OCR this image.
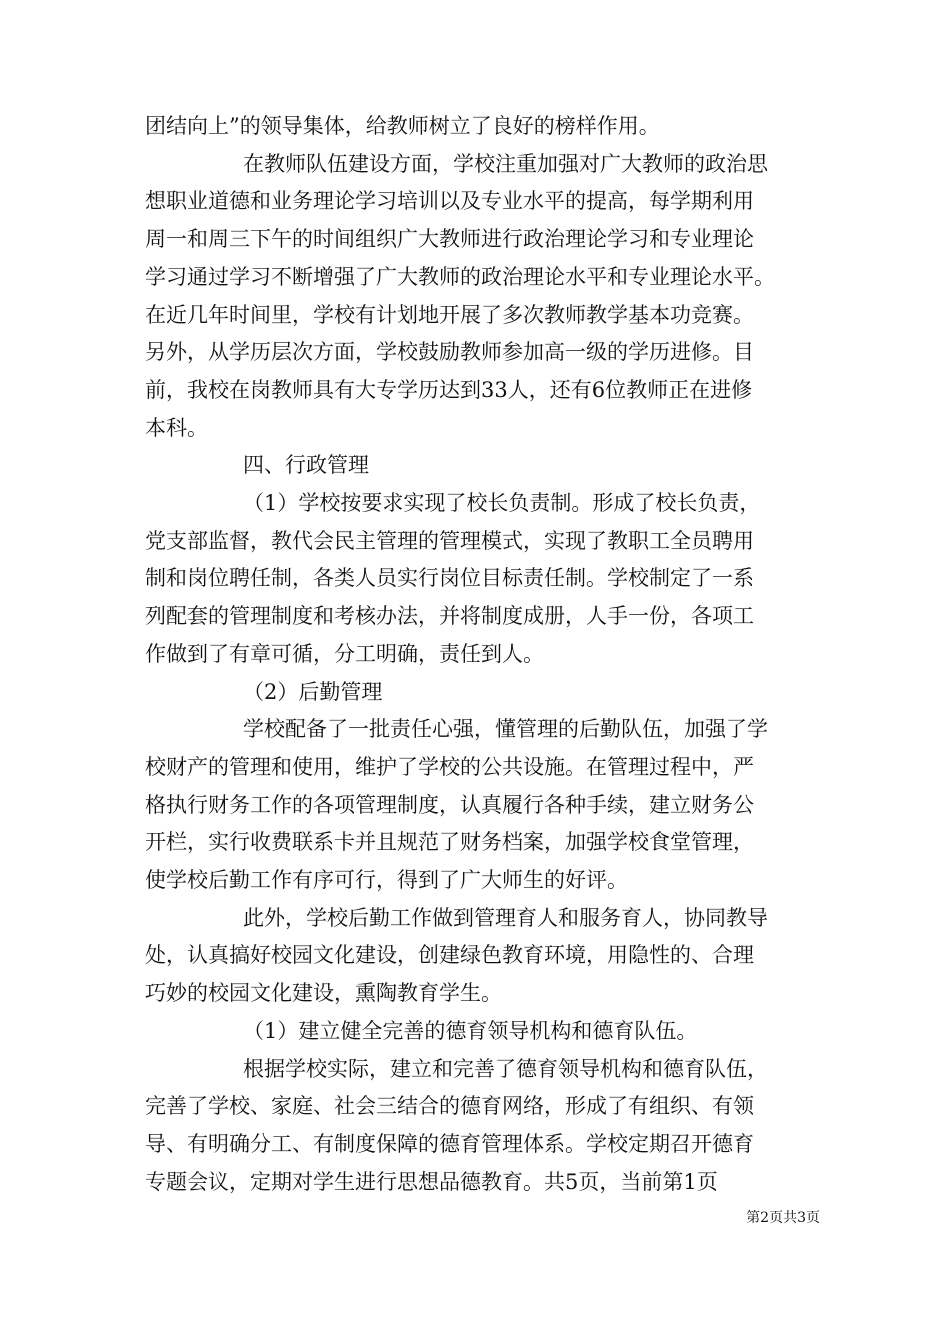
团结向上”的领导集体，给教师树立了良好的榜样作用。
在教师队伍建设方面，学校注重加强对广大教师的政治思
想职业道德和业务理论学习培训以及专业水平的提高，每学期利用
周一和周三下午的时间组织广大教师进行政治理论学习和专业理论
学习通过学习不断增强了广大教师的政治理论水平和专业理论水平。
在近几年时间里，学校有计划地开展了多次教师教学基本功竞赛。
另外，从学历层次方面，学校鼓励教师参加高一级的学历进修。目
前，我校在岗教师具有大专学历达到33人，还有6位教师正在进修
本科。
四、行政管理
（1）学校按要求实现了校长负责制。形成了校长负责，
党支部监督，教代会民主管理的管理模式，实现了教职工全员聘用
制和岗位聘任制，各类人员实行岗位目标责任制。学校制定了一系
列配套的管理制度和考核办法，并将制度成册，人手一份，各项工
作做到了有章可循，分工明确，责任到人。
（2）后勤管理
学校配备了一批责任心强，懂管理的后勤队伍，加强了学
校财产的管理和使用，维护了学校的公共设施。在管理过程中，严
格执行财务工作的各项管理制度，认真履行各种手续，建立财务公
开栏，实行收费联系卡并且规范了财务档案，加强学校食堂管理，
使学校后勤工作有序可行，得到了广大师生的好评。
此外，学校后勤工作做到管理育人和服务育人，协同教导
处，认真搞好校园文化建设，创建绿色教育环境，用隐性的、合理
巧妙的校园文化建设，熏陶教育学生。
（1）建立健全完善的德育领导机构和德育队伍。
根据学校实际，建立和完善了德育领导机构和德育队伍，
完善了学校、家庭、社会三结合的德育网络，形成了有组织、有领
导、有明确分工、有制度保障的德育管理体系。学校定期召开德育
专题会议，定期对学生进行思想品德教育。共5页，当前第1页
第2页共3页
